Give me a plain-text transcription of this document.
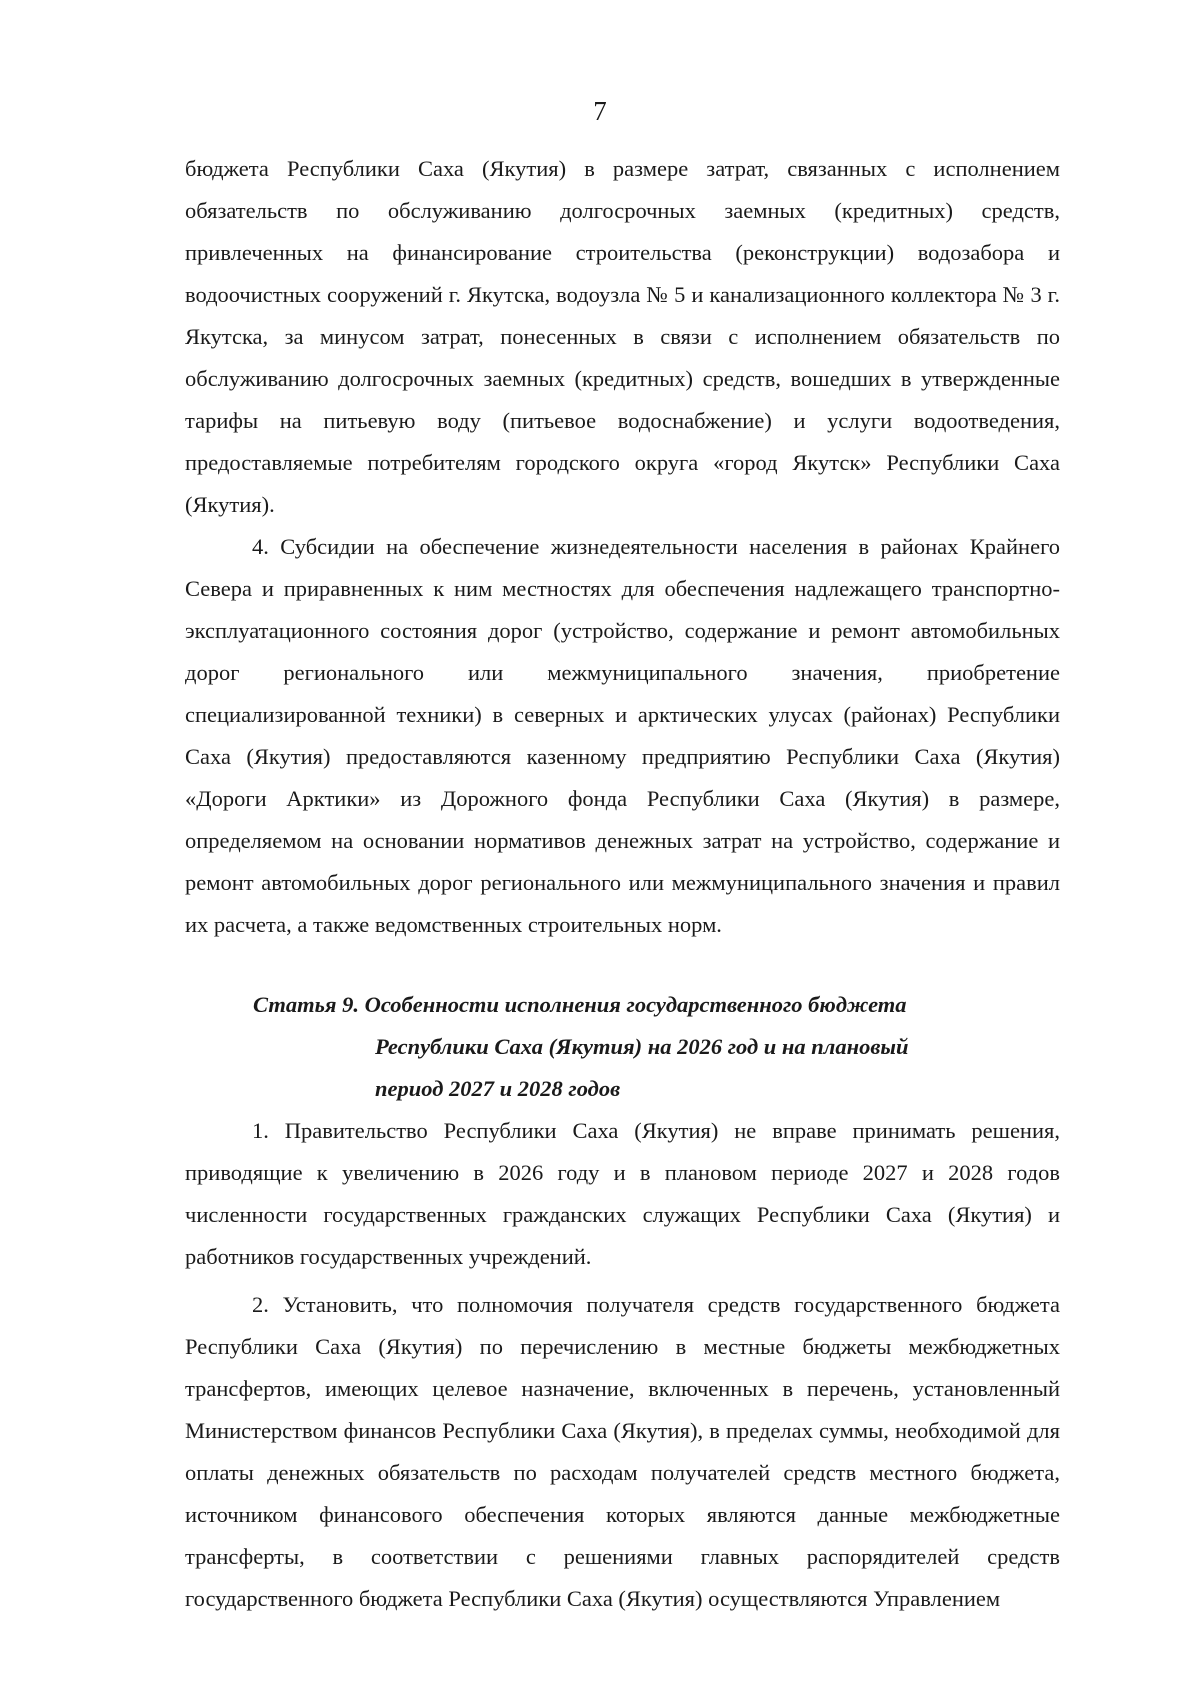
7

бюджета Республики Саха (Якутия) в размере затрат, связанных с исполнением обязательств по обслуживанию долгосрочных заемных (кредитных) средств, привлеченных на финансирование строительства (реконструкции) водозабора и водоочистных сооружений г. Якутска, водоузла № 5 и канализационного коллектора № 3 г. Якутска, за минусом затрат, понесенных в связи с исполнением обязательств по обслуживанию долгосрочных заемных (кредитных) средств, вошедших в утвержденные тарифы на питьевую воду (питьевое водоснабжение) и услуги водоотведения, предоставляемые потребителям городского округа «город Якутск» Республики Саха (Якутия).

4. Субсидии на обеспечение жизнедеятельности населения в районах Крайнего Севера и приравненных к ним местностях для обеспечения надлежащего транспортно-эксплуатационного состояния дорог (устройство, содержание и ремонт автомобильных дорог регионального или межмуниципального значения, приобретение специализированной техники) в северных и арктических улусах (районах) Республики Саха (Якутия) предоставляются казенному предприятию Республики Саха (Якутия) «Дороги Арктики» из Дорожного фонда Республики Саха (Якутия) в размере, определяемом на основании нормативов денежных затрат на устройство, содержание и ремонт автомобильных дорог регионального или межмуниципального значения и правил их расчета, а также ведомственных строительных норм.

Статья 9. Особенности исполнения государственного бюджета
Республики Саха (Якутия) на 2026 год и на плановый
период 2027 и 2028 годов

1. Правительство Республики Саха (Якутия) не вправе принимать решения, приводящие к увеличению в 2026 году и в плановом периоде 2027 и 2028 годов численности государственных гражданских служащих Республики Саха (Якутия) и работников государственных учреждений.

2. Установить, что полномочия получателя средств государственного бюджета Республики Саха (Якутия) по перечислению в местные бюджеты межбюджетных трансфертов, имеющих целевое назначение, включенных в перечень, установленный Министерством финансов Республики Саха (Якутия), в пределах суммы, необходимой для оплаты денежных обязательств по расходам получателей средств местного бюджета, источником финансового обеспечения которых являются данные межбюджетные трансферты, в соответствии с решениями главных распорядителей средств государственного бюджета Республики Саха (Якутия) осуществляются Управлением
